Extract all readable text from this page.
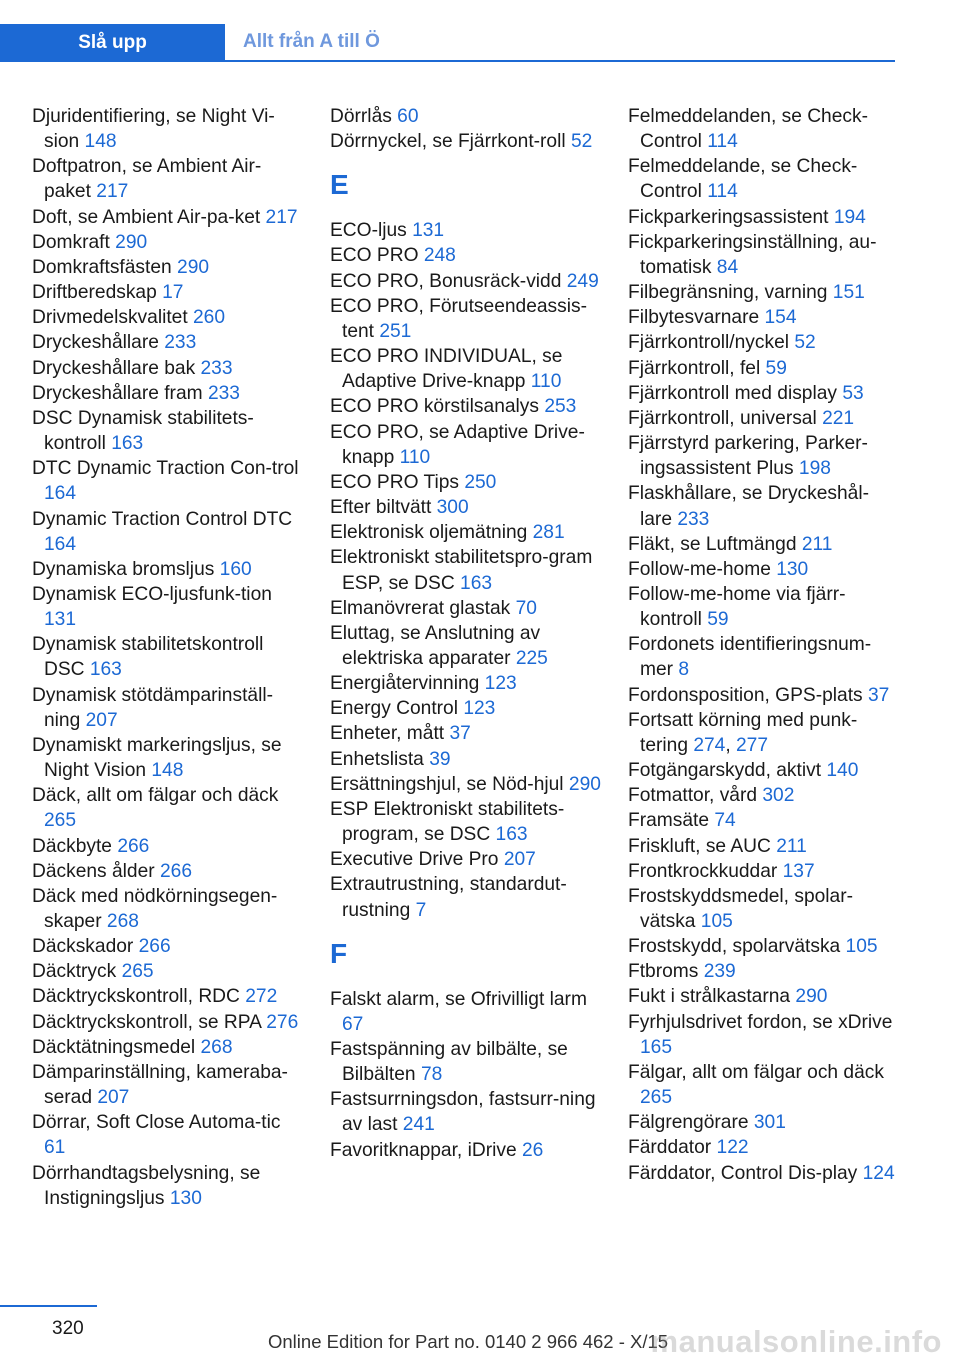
Slå upp	Allt från A till Ö
Djuridentifiering, se Night Vi‐sion 148
Doftpatron, se Ambient Air‐paket 217
Doft, se Ambient Air-pa‐ket 217
Domkraft 290
Domkraftsfästen 290
Driftberedskap 17
Drivmedelskvalitet 260
Dryckeshållare 233
Dryckeshållare bak 233
Dryckeshållare fram 233
DSC Dynamisk stabilitets‐kontroll 163
DTC Dynamic Traction Con‐trol 164
Dynamic Traction Control DTC 164
Dynamiska bromsljus 160
Dynamisk ECO-ljusfunk‐tion 131
Dynamisk stabilitetskontroll DSC 163
Dynamisk stötdämparinställ‐ning 207
Dynamiskt markeringsljus, se Night Vision 148
Däck, allt om fälgar och däck 265
Däckbyte 266
Däckens ålder 266
Däck med nödkörningsegen‐skaper 268
Däckskador 266
Däcktryck 265
Däcktryckskontroll, RDC 272
Däcktryckskontroll, se RPA 276
Däcktätningsmedel 268
Dämparinställning, kameraba‐serad 207
Dörrar, Soft Close Automa‐tic 61
Dörrhandtagsbelysning, se Instigningsljus 130
Dörrlås 60
Dörrnyckel, se Fjärrkont‐roll 52
E
ECO-ljus 131
ECO PRO 248
ECO PRO, Bonusräck‐vidd 249
ECO PRO, Förutseendeassis‐tent 251
ECO PRO INDIVIDUAL, se Adaptive Drive-knapp 110
ECO PRO körstilsanalys 253
ECO PRO, se Adaptive Drive-knapp 110
ECO PRO Tips 250
Efter biltvätt 300
Elektronisk oljemätning 281
Elektroniskt stabilitetspro‐gram ESP, se DSC 163
Elmanövrerat glastak 70
Eluttag, se Anslutning av elektriska apparater 225
Energiåtervinning 123
Energy Control 123
Enheter, mått 37
Enhetslista 39
Ersättningshjul, se Nöd‐hjul 290
ESP Elektroniskt stabilitets‐program, se DSC 163
Executive Drive Pro 207
Extrautrustning, standardut‐rustning 7
F
Falskt alarm, se Ofrivilligt larm 67
Fastspänning av bilbälte, se Bilbälten 78
Fastsurrningsdon, fastsurr‐ning av last 241
Favoritknappar, iDrive 26
Felmeddelanden, se Check-Control 114
Felmeddelande, se Check-Control 114
Fickparkeringsassistent 194
Fickparkeringsinställning, au‐tomatisk 84
Filbegränsning, varning 151
Filbytesvarnare 154
Fjärrkontroll/nyckel 52
Fjärrkontroll, fel 59
Fjärrkontroll med display 53
Fjärrkontroll, universal 221
Fjärrstyrd parkering, Parker‐ingsassistent Plus 198
Flaskhållare, se Dryckeshål‐lare 233
Fläkt, se Luftmängd 211
Follow-me-home 130
Follow-me-home via fjärr‐kontroll 59
Fordonets identifieringsnum‐mer 8
Fordonsposition, GPS-plats 37
Fortsatt körning med punk‐tering 274, 277
Fotgängarskydd, aktivt 140
Fotmattor, vård 302
Framsäte 74
Friskluft, se AUC 211
Frontkrockkuddar 137
Frostskyddsmedel, spolar‐vätska 105
Frostskydd, spolarvätska 105
Ftbroms 239
Fukt i strålkastarna 290
Fyrhjulsdrivet fordon, se xDrive 165
Fälgar, allt om fälgar och däck 265
Fälgrengörare 301
Färddator 122
Färddator, Control Dis‐play 124
320
Online Edition for Part no. 0140 2 966 462 - X/15
manualsonline.info
